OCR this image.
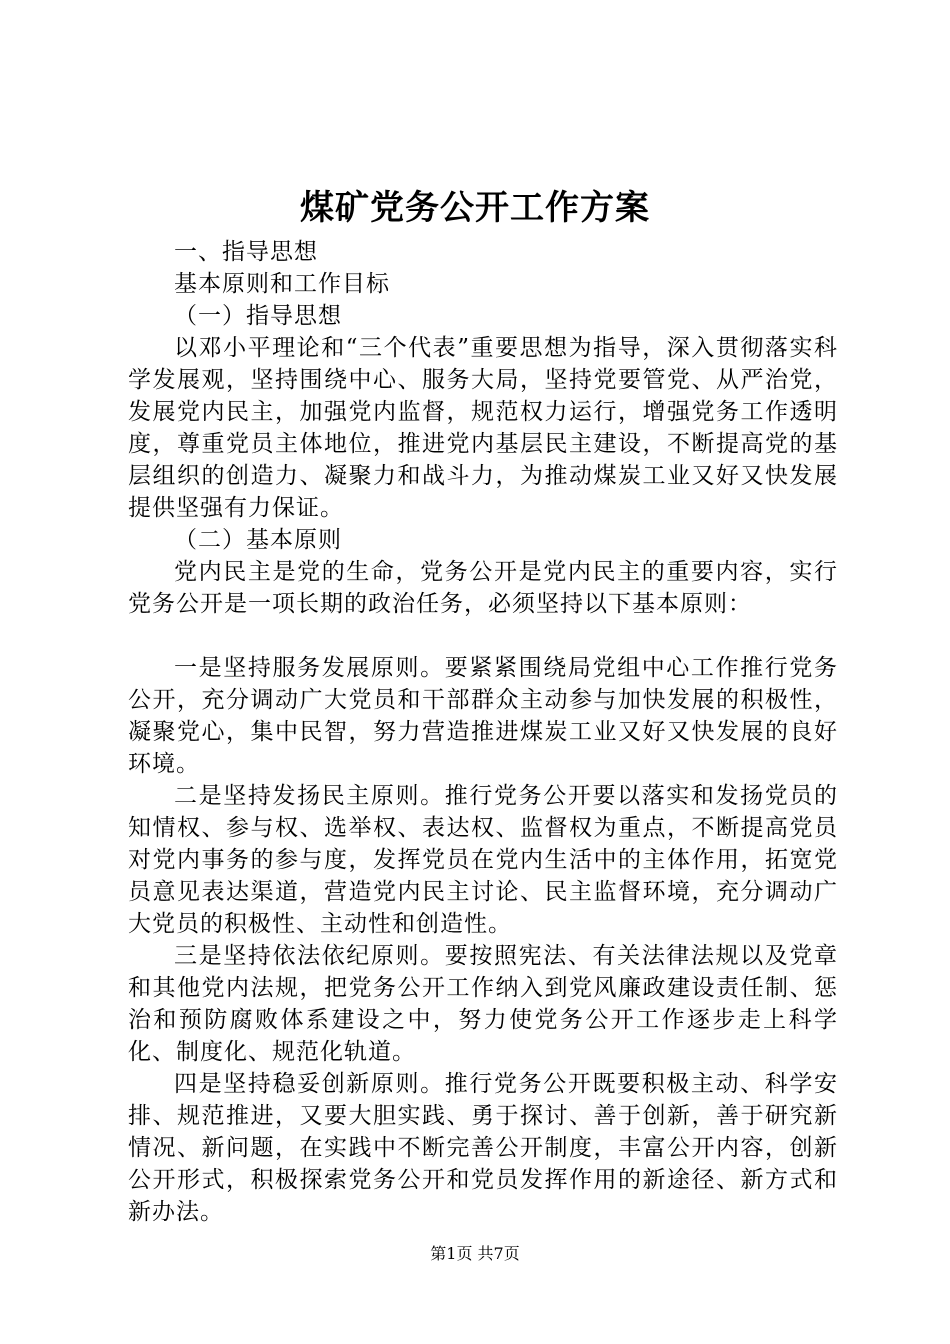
煤矿党务公开工作方案

一、指导思想

基本原则和工作目标

（一）指导思想

以邓小平理论和“三个代表”重要思想为指导，深入贯彻落实科学发展观，坚持围绕中心、服务大局，坚持党要管党、从严治党，发展党内民主，加强党内监督，规范权力运行，增强党务工作透明度，尊重党员主体地位，推进党内基层民主建设，不断提高党的基层组织的创造力、凝聚力和战斗力，为推动煤炭工业又好又快发展提供坚强有力保证。

（二）基本原则

党内民主是党的生命，党务公开是党内民主的重要内容，实行党务公开是一项长期的政治任务，必须坚持以下基本原则：

一是坚持服务发展原则。要紧紧围绕局党组中心工作推行党务公开，充分调动广大党员和干部群众主动参与加快发展的积极性，凝聚党心，集中民智，努力营造推进煤炭工业又好又快发展的良好环境。

二是坚持发扬民主原则。推行党务公开要以落实和发扬党员的知情权、参与权、选举权、表达权、监督权为重点，不断提高党员对党内事务的参与度，发挥党员在党内生活中的主体作用，拓宽党员意见表达渠道，营造党内民主讨论、民主监督环境，充分调动广大党员的积极性、主动性和创造性。

三是坚持依法依纪原则。要按照宪法、有关法律法规以及党章和其他党内法规，把党务公开工作纳入到党风廉政建设责任制、惩治和预防腐败体系建设之中，努力使党务公开工作逐步走上科学化、制度化、规范化轨道。

四是坚持稳妥创新原则。推行党务公开既要积极主动、科学安排、规范推进，又要大胆实践、勇于探讨、善于创新，善于研究新情况、新问题，在实践中不断完善公开制度，丰富公开内容，创新公开形式，积极探索党务公开和党员发挥作用的新途径、新方式和新办法。

第1页 共7页
